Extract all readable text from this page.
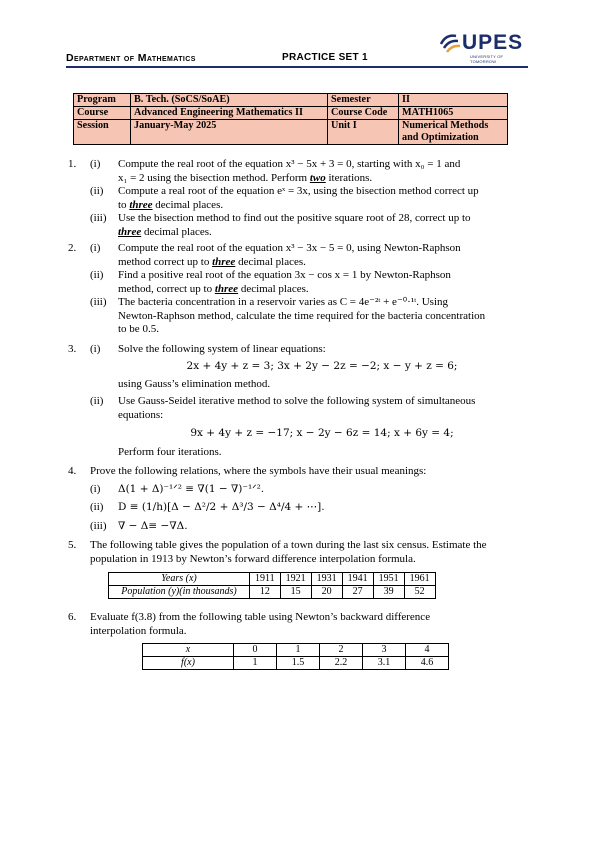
Department of Mathematics	PRACTICE SET 1
UPES
UNIVERSITY OF TOMORROW
Program	B. Tech. (SoCS/SoAE)	Semester	II
Course	Advanced Engineering Mathematics II	Course Code	MATH1065
Session	January-May 2025	Unit I	Numerical Methods and Optimization
1. (i) Compute the real root of the equation x³ − 5x + 3 = 0, starting with x₀ = 1 and
x₁ = 2 using the bisection method. Perform two iterations.
(ii) Compute a real root of the equation eˣ = 3x, using the bisection method correct up
to three decimal places.
(iii) Use the bisection method to find out the positive square root of 28, correct up to
three decimal places.
2. (i) Compute the real root of the equation x³ − 3x − 5 = 0, using Newton-Raphson
method correct up to three decimal places.
(ii) Find a positive real root of the equation 3x − cos x = 1 by Newton-Raphson
method, correct up to three decimal places.
(iii) The bacteria concentration in a reservoir varies as C = 4e⁻²ᵗ + e⁻⁰·¹ᵗ. Using
Newton-Raphson method, calculate the time required for the bacteria concentration
to be 0.5.
3. (i) Solve the following system of linear equations:
2x + 4y + z = 3; 3x + 2y − 2z = −2; x − y + z = 6;
using Gauss’s elimination method.
(ii) Use Gauss-Seidel iterative method to solve the following system of simultaneous
equations:
9x + 4y + z = −17; x − 2y − 6z = 14; x + 6y = 4;
Perform four iterations.
4. Prove the following relations, where the symbols have their usual meanings:
(i) Δ(1 + Δ)⁻¹ᐟ² ≡ ∇(1 − ∇)⁻¹ᐟ².
(ii) D ≡ (1/h)[Δ − Δ²/2 + Δ³/3 − Δ⁴/4 + ⋯].
(iii) ∇ − Δ≡ −∇Δ.
5. The following table gives the population of a town during the last six census. Estimate the
population in 1913 by Newton’s forward difference interpolation formula.
Years (x)	1911	1921	1931	1941	1951	1961
Population (y)(in thousands)	12	15	20	27	39	52
6. Evaluate f(3.8) from the following table using Newton’s backward difference
interpolation formula.
x	0	1	2	3	4
f(x)	1	1.5	2.2	3.1	4.6
